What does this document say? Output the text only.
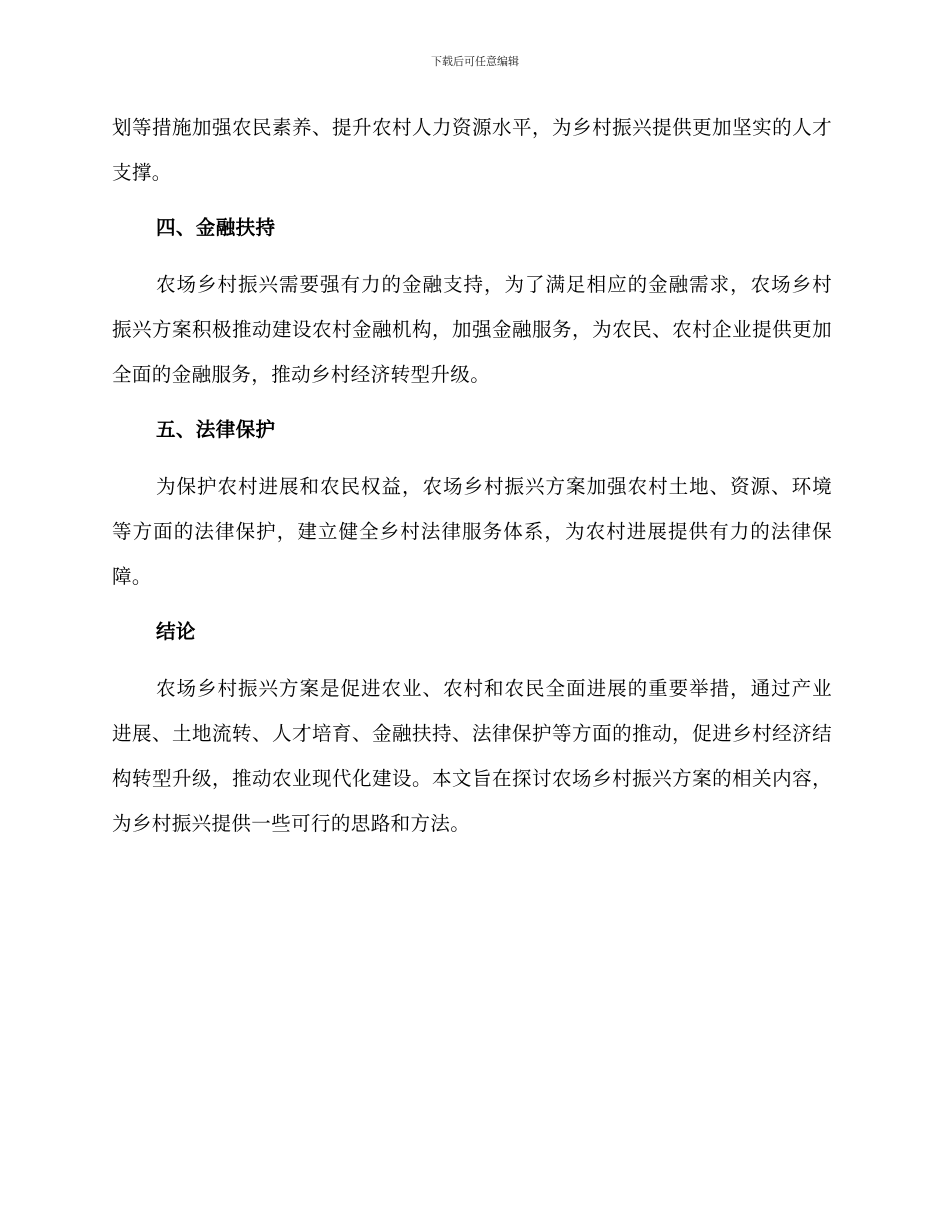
下载后可任意编辑

划等措施加强农民素养、提升农村人力资源水平，为乡村振兴提供更加坚实的人才支撑。

四、金融扶持

农场乡村振兴需要强有力的金融支持，为了满足相应的金融需求，农场乡村振兴方案积极推动建设农村金融机构，加强金融服务，为农民、农村企业提供更加全面的金融服务，推动乡村经济转型升级。

五、法律保护

为保护农村进展和农民权益，农场乡村振兴方案加强农村土地、资源、环境等方面的法律保护，建立健全乡村法律服务体系，为农村进展提供有力的法律保障。

结论

农场乡村振兴方案是促进农业、农村和农民全面进展的重要举措，通过产业进展、土地流转、人才培育、金融扶持、法律保护等方面的推动，促进乡村经济结构转型升级，推动农业现代化建设。本文旨在探讨农场乡村振兴方案的相关内容，为乡村振兴提供一些可行的思路和方法。
